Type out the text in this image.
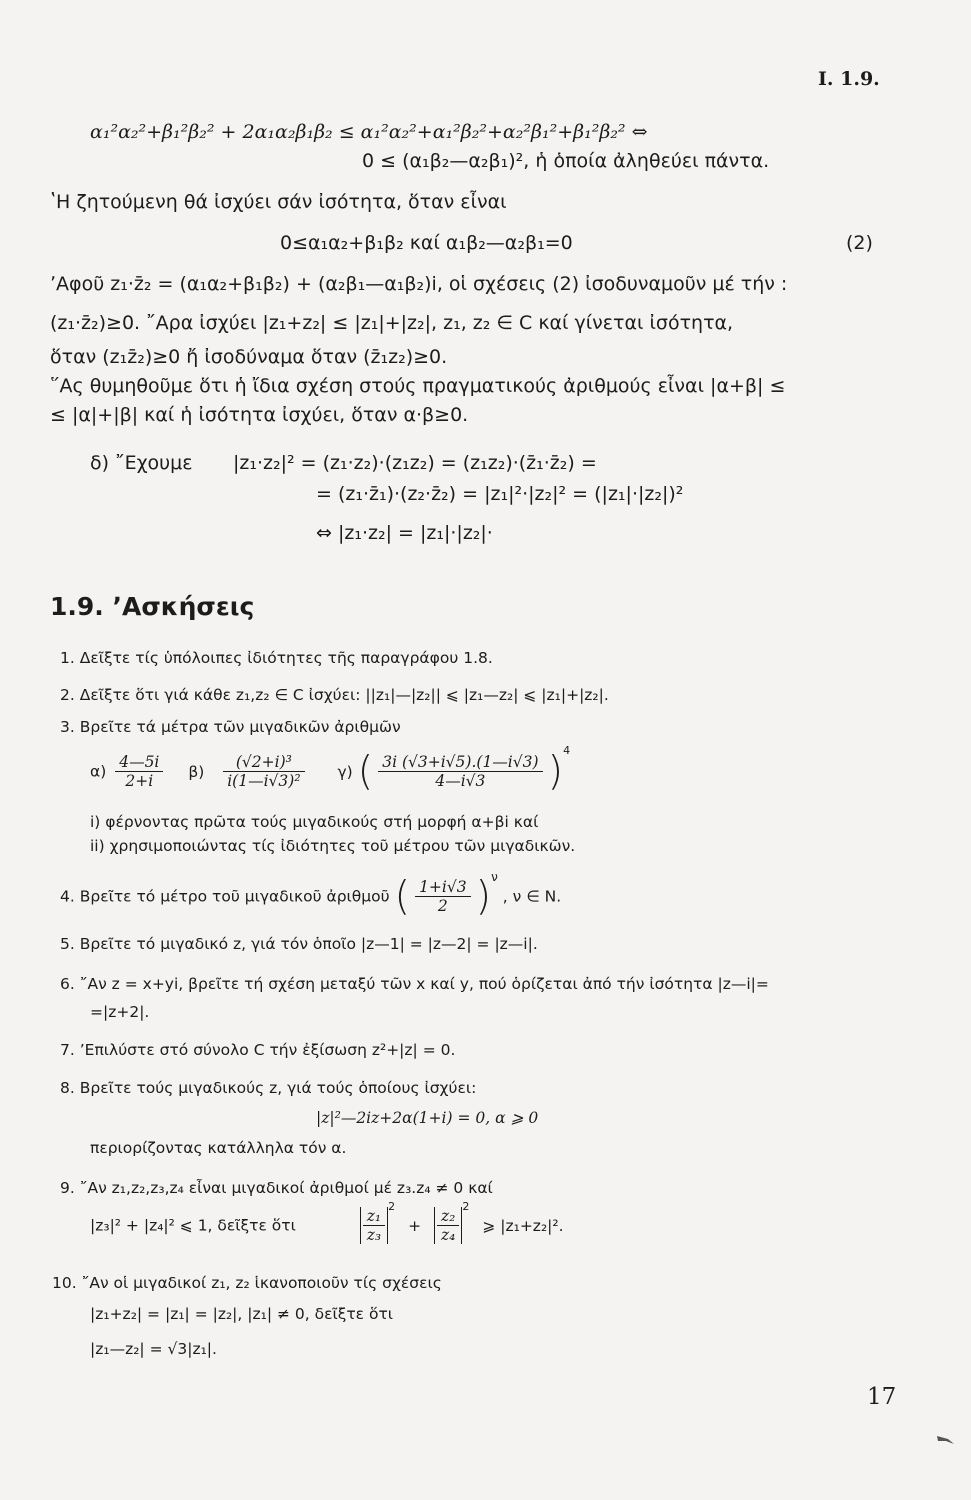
I. 1.9.
α₁²α₂²+β₁²β₂² + 2α₁α₂β₁β₂ ≤ α₁²α₂²+α₁²β₂²+α₂²β₁²+β₁²β₂² ⇔
0 ≤ (α₁β₂—α₂β₁)², ἡ ὁποία ἀληθεύει πάντα.
ʽΗ ζητούμενη θά ἰσχύει σάν ἰσότητα, ὅταν εἶναι
0≤α₁α₂+β₁β₂ καί α₁β₂—α₂β₁=0	(2)
ʼΑφοῦ z₁·z̄₂ = (α₁α₂+β₁β₂) + (α₂β₁—α₁β₂)i, οἱ σχέσεις (2) ἰσοδυναμοῦν μέ τήν :
(z₁·z̄₂)≥0. ῎Αρα ἰσχύει |z₁+z₂| ≤ |z₁|+|z₂|, z₁, z₂ ∈ C καί γίνεται ἰσότητα,
ὅταν (z₁z̄₂)≥0 ἤ ἰσοδύναμα ὅταν (z̄₁z₂)≥0.
῞Ας θυμηθοῦμε ὅτι ἡ ἴδια σχέση στούς πραγματικούς ἀριθμούς εἶναι |α+β| ≤
≤ |α|+|β| καί ἡ ἰσότητα ἰσχύει, ὅταν α·β≥0.
δ) ῎Εχουμε |z₁·z₂|² = (z₁·z₂)·(z₁z₂) = (z₁z₂)·(z̄₁·z̄₂) =
= (z₁·z̄₁)·(z₂·z̄₂) = |z₁|²·|z₂|² = (|z₁|·|z₂|)²
⇔ |z₁·z₂| = |z₁|·|z₂|·
1.9. ʼΑσκήσεις
1. Δεῖξτε τίς ὑπόλοιπες ἰδιότητες τῆς παραγράφου 1.8.
2. Δεῖξτε ὅτι γιά κάθε z₁,z₂ ∈ C ἰσχύει: ||z₁|—|z₂|| ⩽ |z₁—z₂| ⩽ |z₁|+|z₂|.
3. Βρεῖτε τά μέτρα τῶν μιγαδικῶν ἀριθμῶν
$\alpha) \frac{4—5i}{2+i} \beta) \frac{\text{(√2+i)³}}{\text{i(1—i√3)²}} \gamma$) ( $\frac{3i (√3+i√5).(1—i√3)}{4—i√3} )^4$
i) φέρνοντας πρῶτα τούς μιγαδικούς στή μορφή α+βi καί
ii) χρησιμοποιώντας τίς ἰδιότητες τοῦ μέτρου τῶν μιγαδικῶν.
4. Βρεῖτε τό μέτρο τοῦ μιγαδικοῦ ἀριθμοῦ ( $\frac{1+i√3}{2} )^\nu$ , ν ∈ N.
5. Βρεῖτε τό μιγαδικό z, γιά τόν ὁποῖο |z—1| = |z—2| = |z—i|.
6. ῎Αν z = x+yi, βρεῖτε τή σχέση μεταξύ τῶν x καί y, πού ὁρίζεται ἀπό τήν ἰσότητα |z—i|=
=|z+2|.
7. ʼΕπιλύστε στό σύνολο C τήν ἐξίσωση z²+|z| = 0.
8. Βρεῖτε τούς μιγαδικούς z, γιά τούς ὁποίους ἰσχύει:
|z|²—2iz+2α(1+i) = 0, α ⩾ 0
περιορίζοντας κατάλληλα τόν α.
9. ῎Αν z₁,z₂,z₃,z₄ εἶναι μιγαδικοί ἀριθμοί μέ z₃.z₄ ≠ 0 καί
|z₃|² + |z₄|² ⩽ 1, δεῖξτε ὅτι	$\frac{\text{z₁}}{\text{z₃}}$
$^2 + \frac{\text{z₂}}{\text{z₄}}$
$^2$ ⩾ |z₁+z₂|².
10. ῎Αν οἱ μιγαδικοί z₁, z₂ ἱκανοποιοῦν τίς σχέσεις
|z₁+z₂| = |z₁| = |z₂|, |z₁| ≠ 0, δεῖξτε ὅτι
|z₁—z₂| = √3|z₁|.
17
